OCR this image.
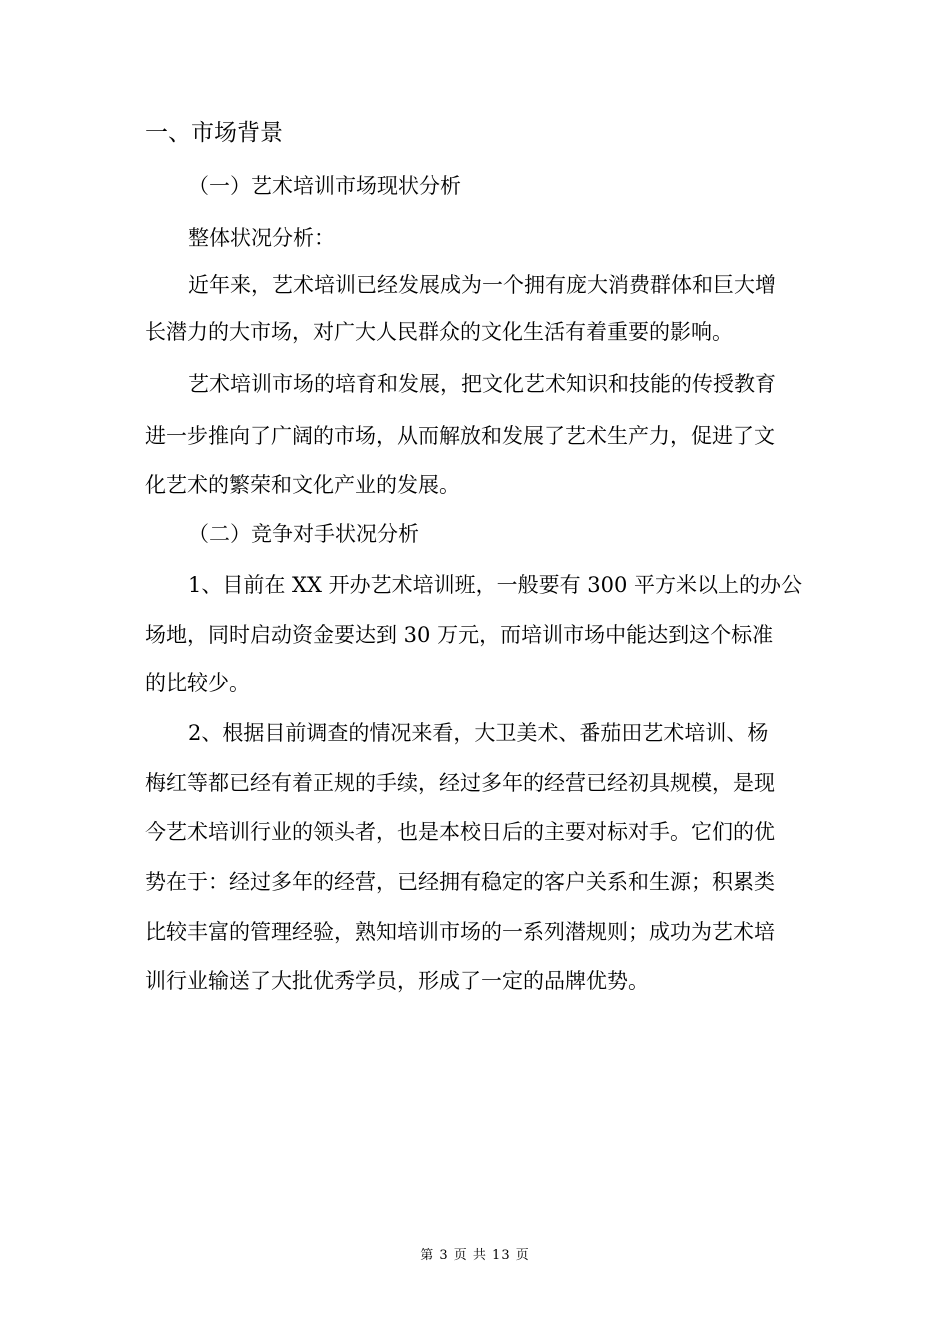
一、市场背景
（一）艺术培训市场现状分析
整体状况分析：
近年来，艺术培训已经发展成为一个拥有庞大消费群体和巨大增
长潜力的大市场，对广大人民群众的文化生活有着重要的影响。
艺术培训市场的培育和发展，把文化艺术知识和技能的传授教育
进一步推向了广阔的市场，从而解放和发展了艺术生产力，促进了文
化艺术的繁荣和文化产业的发展。
（二）竞争对手状况分析
1、目前在 XX 开办艺术培训班，一般要有 300 平方米以上的办公
场地，同时启动资金要达到 30 万元，而培训市场中能达到这个标准
的比较少。
2、根据目前调查的情况来看，大卫美术、番茄田艺术培训、杨
梅红等都已经有着正规的手续，经过多年的经营已经初具规模，是现
今艺术培训行业的领头者，也是本校日后的主要对标对手。它们的优
势在于：经过多年的经营，已经拥有稳定的客户关系和生源；积累类
比较丰富的管理经验，熟知培训市场的一系列潜规则；成功为艺术培
训行业输送了大批优秀学员，形成了一定的品牌优势。
第 3 页 共 13 页
